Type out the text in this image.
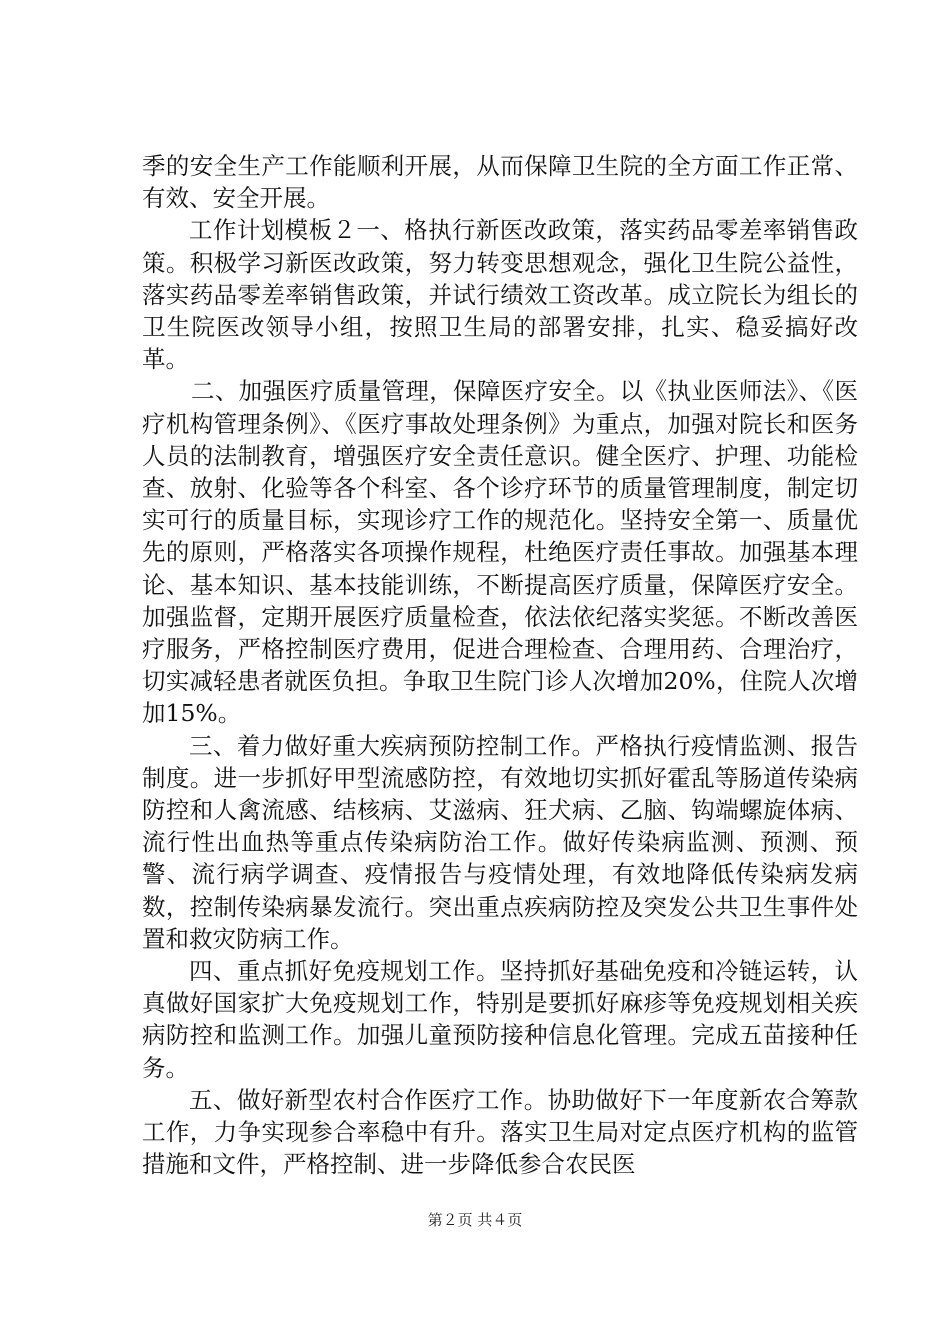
季的安全生产工作能顺利开展，从而保障卫生院的全方面工作正常、有效、安全开展。

工作计划模板２一、格执行新医改政策，落实药品零差率销售政策。积极学习新医改政策，努力转变思想观念，强化卫生院公益性，落实药品零差率销售政策，并试行绩效工资改革。成立院长为组长的卫生院医改领导小组，按照卫生局的部署安排，扎实、稳妥搞好改革。

二、加强医疗质量管理，保障医疗安全。以《执业医师法》、《医疗机构管理条例》、《医疗事故处理条例》为重点，加强对院长和医务人员的法制教育，增强医疗安全责任意识。健全医疗、护理、功能检查、放射、化验等各个科室、各个诊疗环节的质量管理制度，制定切实可行的质量目标，实现诊疗工作的规范化。坚持安全第一、质量优先的原则，严格落实各项操作规程，杜绝医疗责任事故。加强基本理论、基本知识、基本技能训练，不断提高医疗质量，保障医疗安全。加强监督，定期开展医疗质量检查，依法依纪落实奖惩。不断改善医疗服务，严格控制医疗费用，促进合理检查、合理用药、合理治疗，切实减轻患者就医负担。争取卫生院门诊人次增加20%，住院人次增加15%。

三、着力做好重大疾病预防控制工作。严格执行疫情监测、报告制度。进一步抓好甲型流感防控，有效地切实抓好霍乱等肠道传染病防控和人禽流感、结核病、艾滋病、狂犬病、乙脑、钩端螺旋体病、流行性出血热等重点传染病防治工作。做好传染病监测、预测、预警、流行病学调查、疫情报告与疫情处理，有效地降低传染病发病数，控制传染病暴发流行。突出重点疾病防控及突发公共卫生事件处置和救灾防病工作。

四、重点抓好免疫规划工作。坚持抓好基础免疫和冷链运转，认真做好国家扩大免疫规划工作，特别是要抓好麻疹等免疫规划相关疾病防控和监测工作。加强儿童预防接种信息化管理。完成五苗接种任务。

五、做好新型农村合作医疗工作。协助做好下一年度新农合筹款工作，力争实现参合率稳中有升。落实卫生局对定点医疗机构的监管措施和文件，严格控制、进一步降低参合农民医

第２页 共４页
